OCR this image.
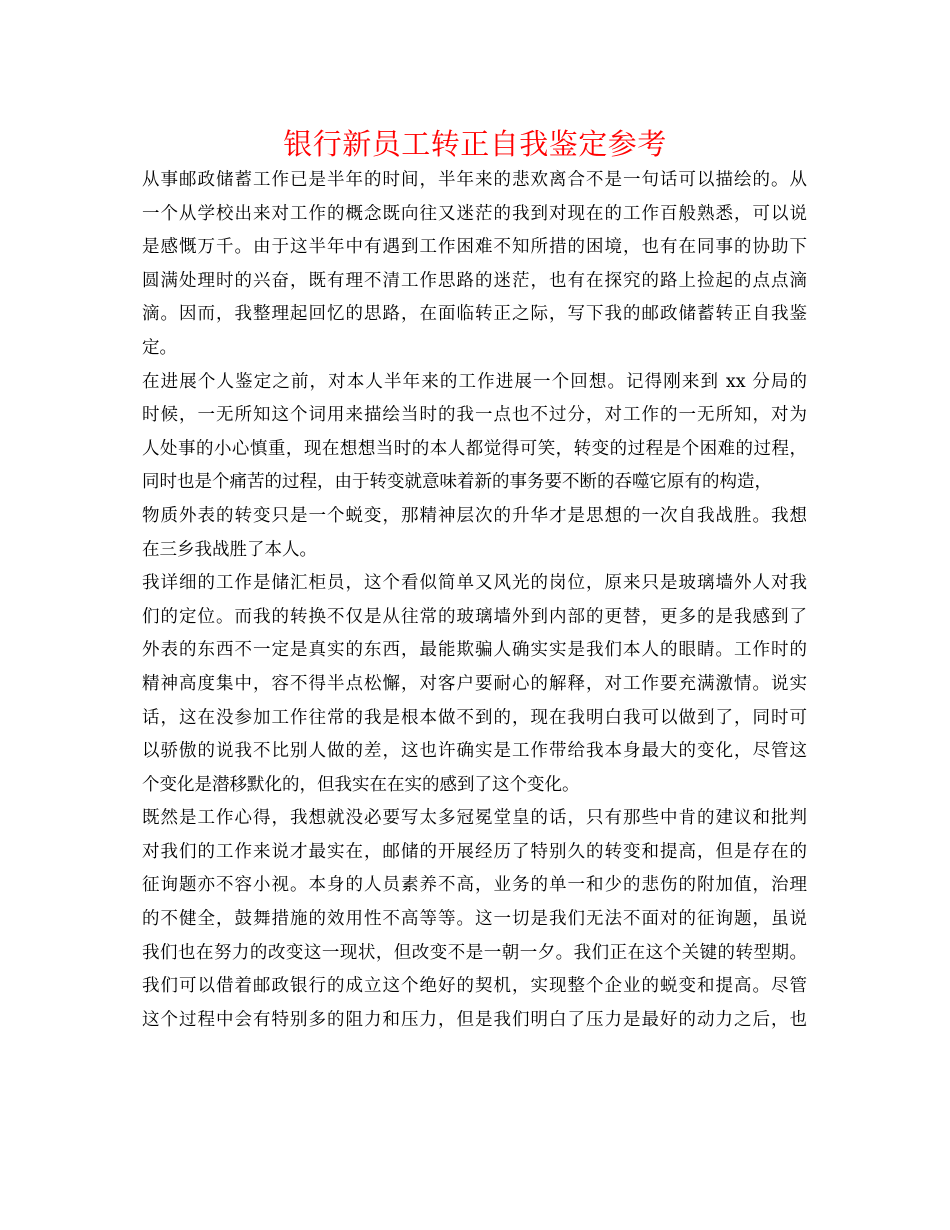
银行新员工转正自我鉴定参考
从事邮政储蓄工作已是半年的时间，半年来的悲欢离合不是一句话可以描绘的。从
一个从学校出来对工作的概念既向往又迷茫的我到对现在的工作百般熟悉，可以说
是感慨万千。由于这半年中有遇到工作困难不知所措的困境，也有在同事的协助下
圆满处理时的兴奋，既有理不清工作思路的迷茫，也有在探究的路上捡起的点点滴
滴。因而，我整理起回忆的思路，在面临转正之际，写下我的邮政储蓄转正自我鉴
定。
在进展个人鉴定之前，对本人半年来的工作进展一个回想。记得刚来到 xx 分局的
时候，一无所知这个词用来描绘当时的我一点也不过分，对工作的一无所知，对为
人处事的小心慎重，现在想想当时的本人都觉得可笑，转变的过程是个困难的过程，
同时也是个痛苦的过程，由于转变就意味着新的事务要不断的吞噬它原有的构造，
物质外表的转变只是一个蜕变，那精神层次的升华才是思想的一次自我战胜。我想
在三乡我战胜了本人。
我详细的工作是储汇柜员，这个看似简单又风光的岗位，原来只是玻璃墙外人对我
们的定位。而我的转换不仅是从往常的玻璃墙外到内部的更替，更多的是我感到了
外表的东西不一定是真实的东西，最能欺骗人确实实是我们本人的眼睛。工作时的
精神高度集中，容不得半点松懈，对客户要耐心的解释，对工作要充满激情。说实
话，这在没参加工作往常的我是根本做不到的，现在我明白我可以做到了，同时可
以骄傲的说我不比别人做的差，这也许确实是工作带给我本身最大的变化，尽管这
个变化是潜移默化的，但我实在在实的感到了这个变化。
既然是工作心得，我想就没必要写太多冠冕堂皇的话，只有那些中肯的建议和批判
对我们的工作来说才最实在，邮储的开展经历了特别久的转变和提高，但是存在的
征询题亦不容小视。本身的人员素养不高，业务的单一和少的悲伤的附加值，治理
的不健全，鼓舞措施的效用性不高等等。这一切是我们无法不面对的征询题，虽说
我们也在努力的改变这一现状，但改变不是一朝一夕。我们正在这个关键的转型期。
我们可以借着邮政银行的成立这个绝好的契机，实现整个企业的蜕变和提高。尽管
这个过程中会有特别多的阻力和压力，但是我们明白了压力是最好的动力之后，也
